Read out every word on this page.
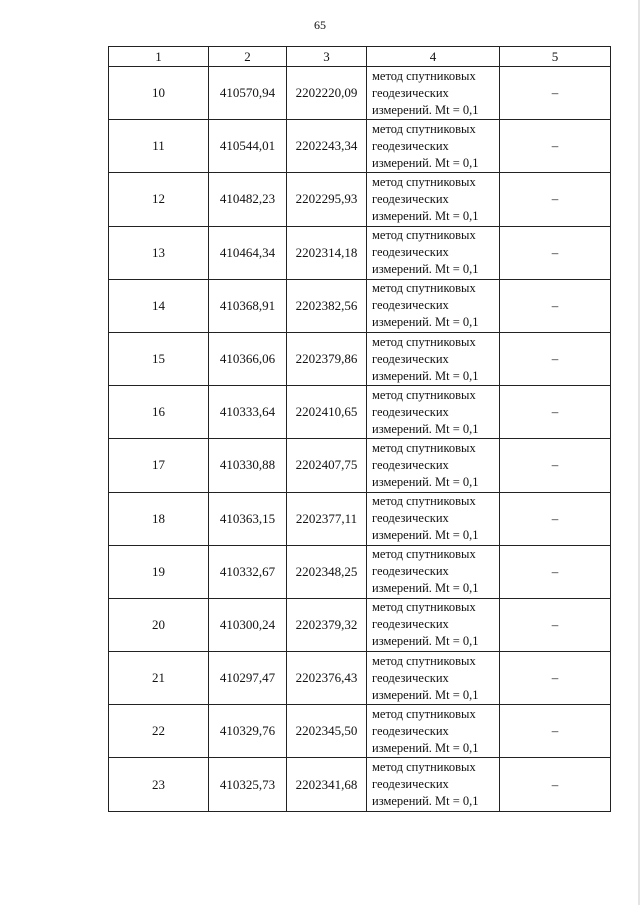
65
1	2	3	4	5
10	410570,94	2202220,09	метод спутниковых
геодезических
измерений. Mt = 0,1	–
11	410544,01	2202243,34	метод спутниковых
геодезических
измерений. Mt = 0,1	–
12	410482,23	2202295,93	метод спутниковых
геодезических
измерений. Mt = 0,1	–
13	410464,34	2202314,18	метод спутниковых
геодезических
измерений. Mt = 0,1	–
14	410368,91	2202382,56	метод спутниковых
геодезических
измерений. Mt = 0,1	–
15	410366,06	2202379,86	метод спутниковых
геодезических
измерений. Mt = 0,1	–
16	410333,64	2202410,65	метод спутниковых
геодезических
измерений. Mt = 0,1	–
17	410330,88	2202407,75	метод спутниковых
геодезических
измерений. Mt = 0,1	–
18	410363,15	2202377,11	метод спутниковых
геодезических
измерений. Mt = 0,1	–
19	410332,67	2202348,25	метод спутниковых
геодезических
измерений. Mt = 0,1	–
20	410300,24	2202379,32	метод спутниковых
геодезических
измерений. Mt = 0,1	–
21	410297,47	2202376,43	метод спутниковых
геодезических
измерений. Mt = 0,1	–
22	410329,76	2202345,50	метод спутниковых
геодезических
измерений. Mt = 0,1	–
23	410325,73	2202341,68	метод спутниковых
геодезических
измерений. Mt = 0,1	–
